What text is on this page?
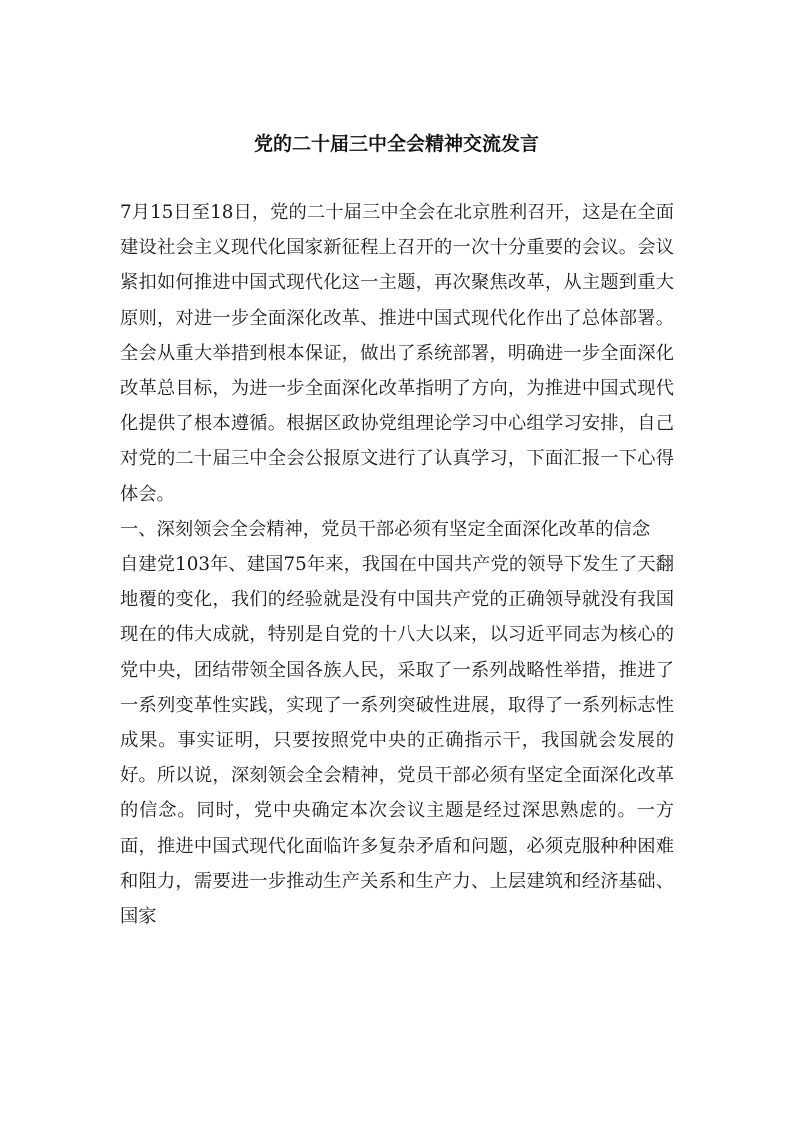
党的二十届三中全会精神交流发言

7月15日至18日，党的二十届三中全会在北京胜利召开，这是在全面建设社会主义现代化国家新征程上召开的一次十分重要的会议。会议紧扣如何推进中国式现代化这一主题，再次聚焦改革，从主题到重大原则，对进一步全面深化改革、推进中国式现代化作出了总体部署。全会从重大举措到根本保证，做出了系统部署，明确进一步全面深化改革总目标，为进一步全面深化改革指明了方向，为推进中国式现代化提供了根本遵循。根据区政协党组理论学习中心组学习安排，自己对党的二十届三中全会公报原文进行了认真学习，下面汇报一下心得体会。

一、深刻领会全会精神，党员干部必须有坚定全面深化改革的信念

自建党103年、建国75年来，我国在中国共产党的领导下发生了天翻地覆的变化，我们的经验就是没有中国共产党的正确领导就没有我国现在的伟大成就，特别是自党的十八大以来，以习近平同志为核心的党中央，团结带领全国各族人民，采取了一系列战略性举措，推进了一系列变革性实践，实现了一系列突破性进展，取得了一系列标志性成果。事实证明，只要按照党中央的正确指示干，我国就会发展的好。所以说，深刻领会全会精神，党员干部必须有坚定全面深化改革的信念。同时，党中央确定本次会议主题是经过深思熟虑的。一方面，推进中国式现代化面临许多复杂矛盾和问题，必须克服种种困难和阻力，需要进一步推动生产关系和生产力、上层建筑和经济基础、国家
